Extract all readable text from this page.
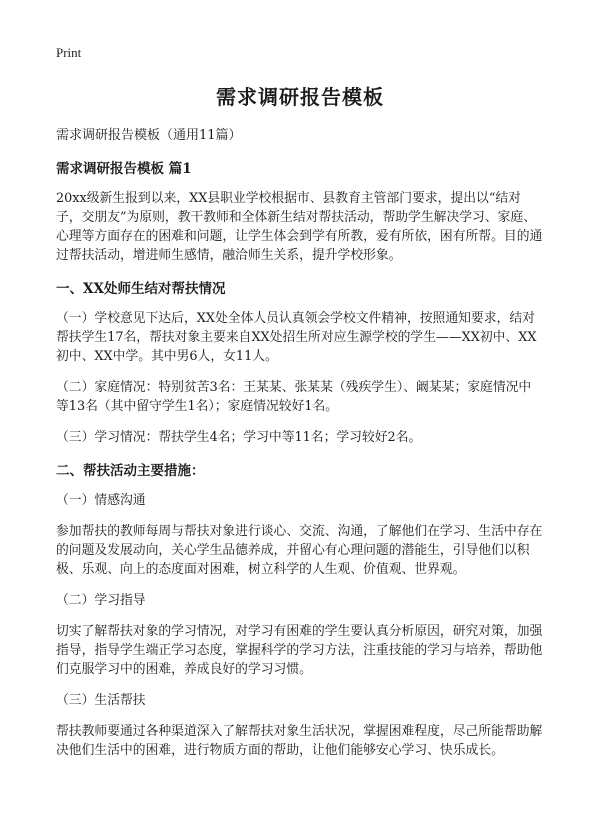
Print
需求调研报告模板
需求调研报告模板（通用11篇）
需求调研报告模板 篇1

20xx级新生报到以来，XX县职业学校根据市、县教育主管部门要求，提出以“结对子，交朋友”为原则，教干教师和全体新生结对帮扶活动，帮助学生解决学习、家庭、心理等方面存在的困难和问题，让学生体会到学有所教，爱有所依，困有所帮。目的通过帮扶活动，增进师生感情，融洽师生关系，提升学校形象。

一、XX处师生结对帮扶情况

（一）学校意见下达后，XX处全体人员认真领会学校文件精神，按照通知要求，结对帮扶学生17名，帮扶对象主要来自XX处招生所对应生源学校的学生——XX初中、XX初中、XX中学。其中男6人，女11人。

（二）家庭情况：特别贫苦3名：王某某、张某某（残疾学生）、阚某某；家庭情况中等13名（其中留守学生1名）；家庭情况较好1名。

（三）学习情况：帮扶学生4名；学习中等11名；学习较好2名。

二、帮扶活动主要措施：

（一）情感沟通

参加帮扶的教师每周与帮扶对象进行谈心、交流、沟通，了解他们在学习、生活中存在的问题及发展动向，关心学生品德养成，并留心有心理问题的潜能生，引导他们以积极、乐观、向上的态度面对困难，树立科学的人生观、价值观、世界观。

（二）学习指导

切实了解帮扶对象的学习情况，对学习有困难的学生要认真分析原因，研究对策，加强指导，指导学生端正学习态度，掌握科学的学习方法，注重技能的学习与培养，帮助他们克服学习中的困难，养成良好的学习习惯。

（三）生活帮扶

帮扶教师要通过各种渠道深入了解帮扶对象生活状况，掌握困难程度，尽己所能帮助解决他们生活中的困难，进行物质方面的帮助，让他们能够安心学习、快乐成长。
